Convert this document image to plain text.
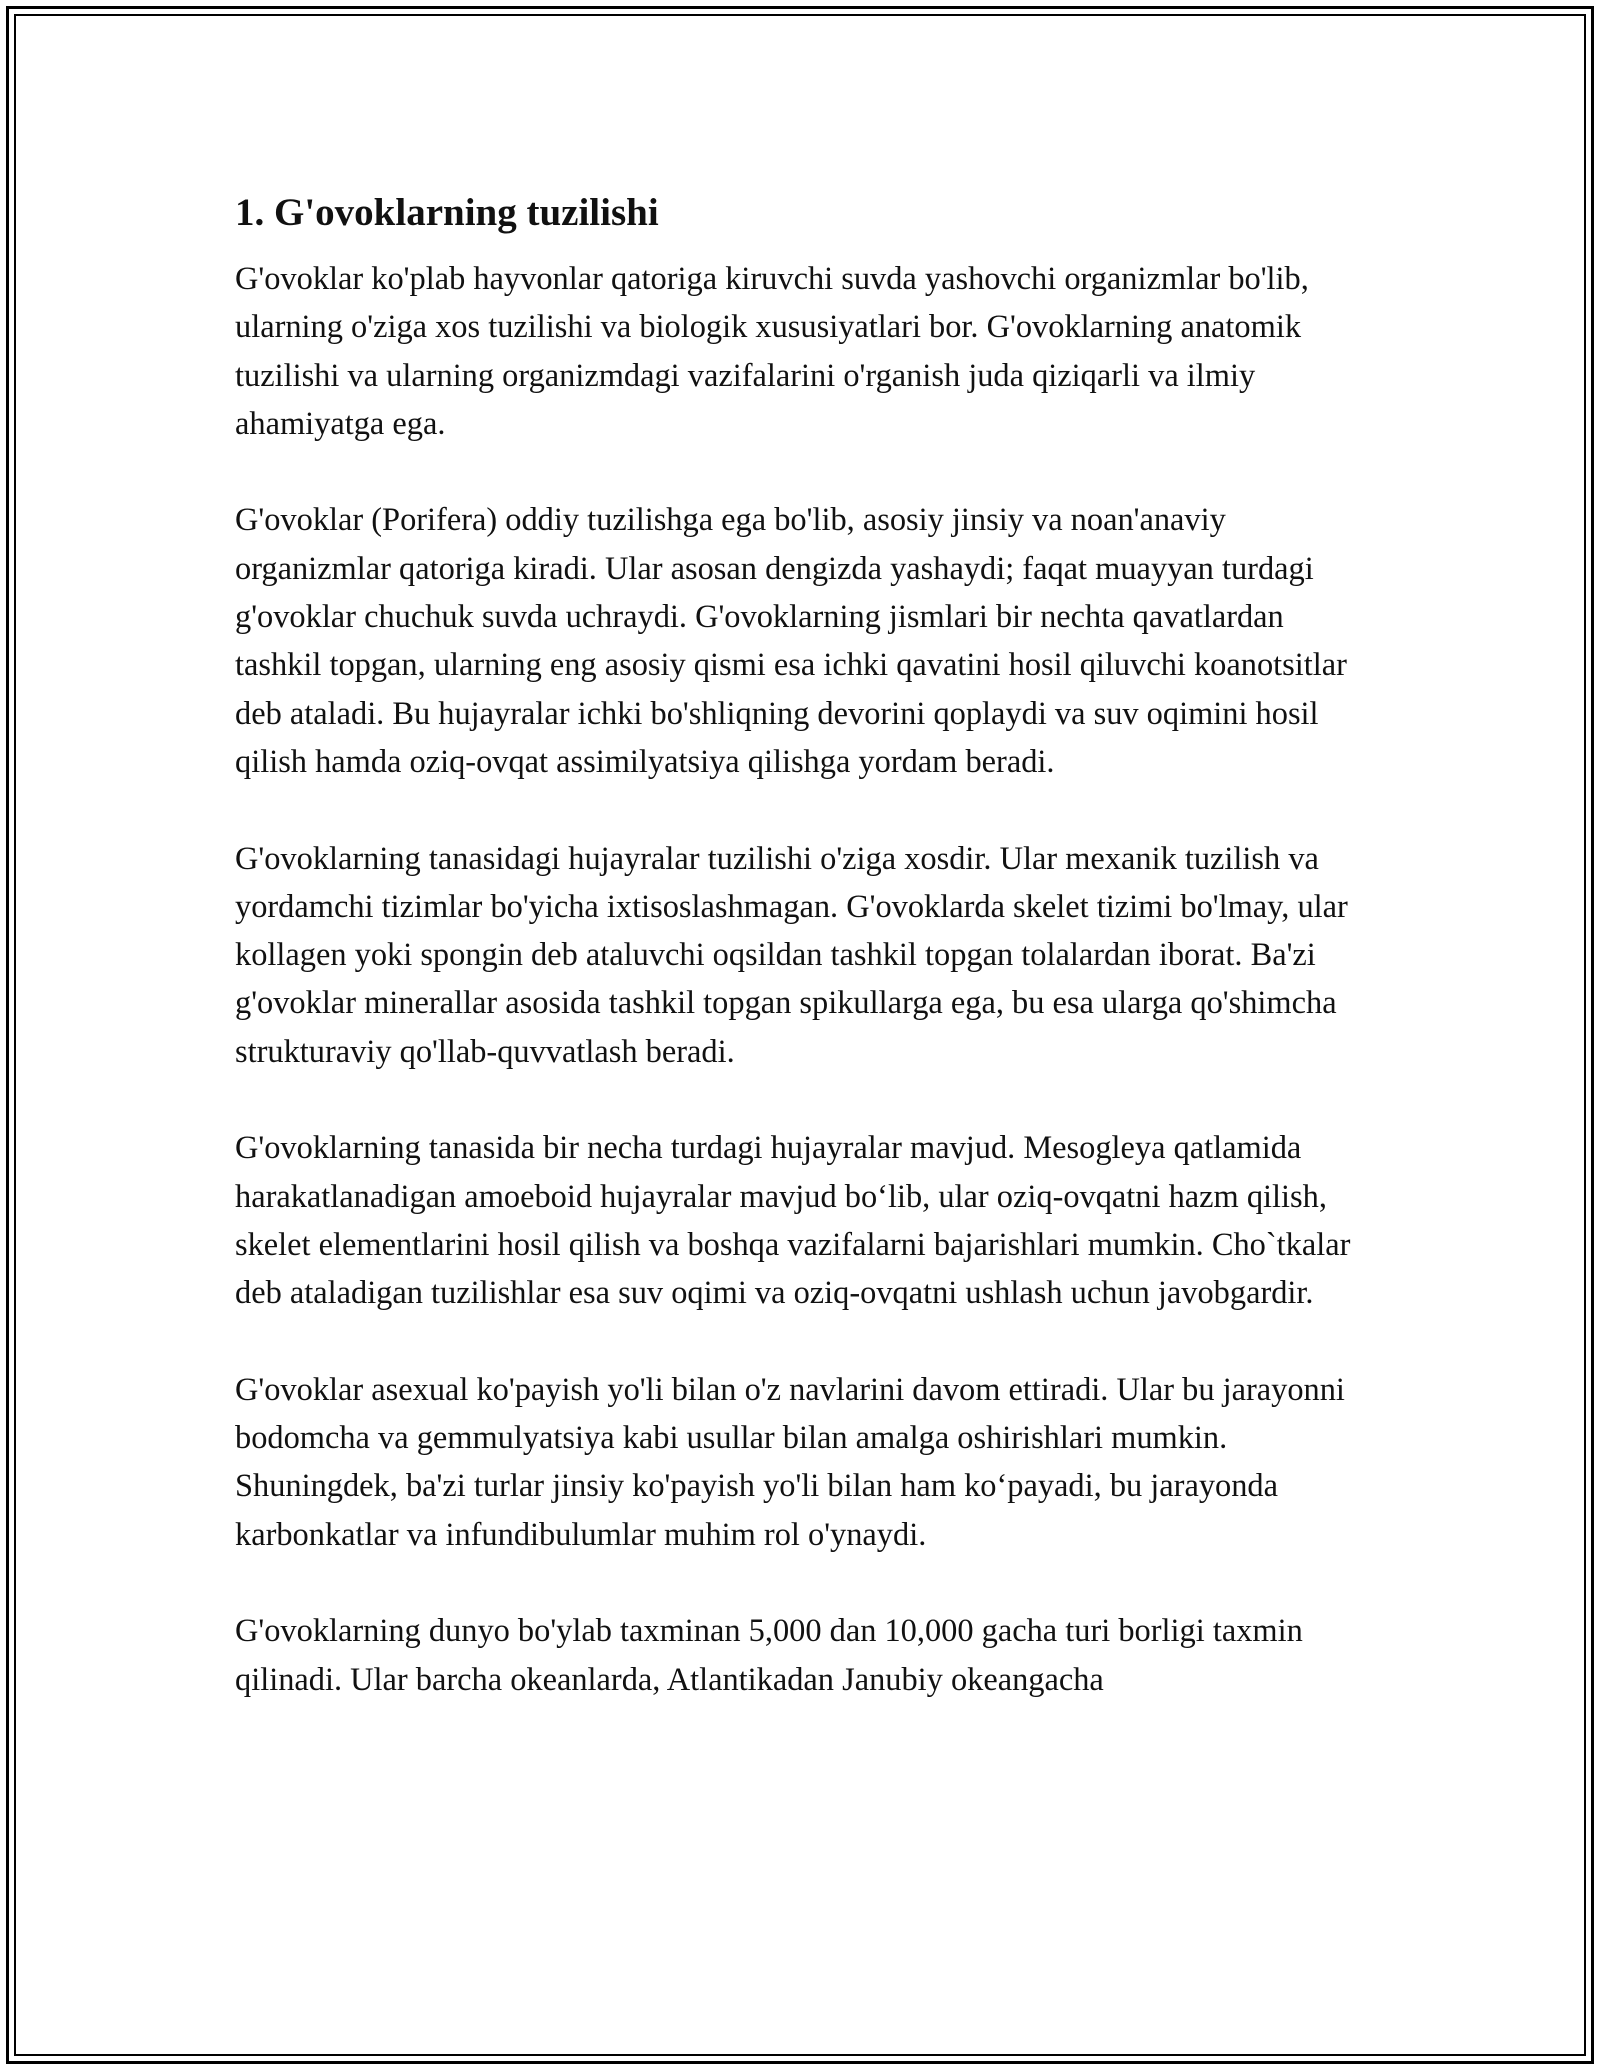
1. G'ovoklarning tuzilishi

G'ovoklar ko'plab hayvonlar qatoriga kiruvchi suvda yashovchi organizmlar bo'lib, ularning o'ziga xos tuzilishi va biologik xususiyatlari bor. G'ovoklarning anatomik tuzilishi va ularning organizmdagi vazifalarini o'rganish juda qiziqarli va ilmiy ahamiyatga ega.

G'ovoklar (Porifera) oddiy tuzilishga ega bo'lib, asosiy jinsiy va noan'anaviy organizmlar qatoriga kiradi. Ular asosan dengizda yashaydi; faqat muayyan turdagi g'ovoklar chuchuk suvda uchraydi. G'ovoklarning jismlari bir nechta qavatlardan tashkil topgan, ularning eng asosiy qismi esa ichki qavatini hosil qiluvchi koanotsitlar deb ataladi. Bu hujayralar ichki bo'shliqning devorini qoplaydi va suv oqimini hosil qilish hamda oziq-ovqat assimilyatsiya qilishga yordam beradi.

G'ovoklarning tanasidagi hujayralar tuzilishi o'ziga xosdir. Ular mexanik tuzilish va yordamchi tizimlar bo'yicha ixtisoslashmagan. G'ovoklarda skelet tizimi bo'lmay, ular kollagen yoki spongin deb ataluvchi oqsildan tashkil topgan tolalardan iborat. Ba'zi g'ovoklar minerallar asosida tashkil topgan spikullarga ega, bu esa ularga qo'shimcha strukturaviy qo'llab-quvvatlash beradi.

G'ovoklarning tanasida bir necha turdagi hujayralar mavjud. Mesogleya qatlamida harakatlanadigan amoeboid hujayralar mavjud bo‘lib, ular oziq-ovqatni hazm qilish, skelet elementlarini hosil qilish va boshqa vazifalarni bajarishlari mumkin. Cho`tkalar deb ataladigan tuzilishlar esa suv oqimi va oziq-ovqatni ushlash uchun javobgardir.

G'ovoklar asexual ko'payish yo'li bilan o'z navlarini davom ettiradi. Ular bu jarayonni bodomcha va gemmulyatsiya kabi usullar bilan amalga oshirishlari mumkin. Shuningdek, ba'zi turlar jinsiy ko'payish yo'li bilan ham ko‘payadi, bu jarayonda karbonkatlar va infundibulumlar muhim rol o'ynaydi.

G'ovoklarning dunyo bo'ylab taxminan 5,000 dan 10,000 gacha turi borligi taxmin qilinadi. Ular barcha okeanlarda, Atlantikadan Janubiy okeangacha
